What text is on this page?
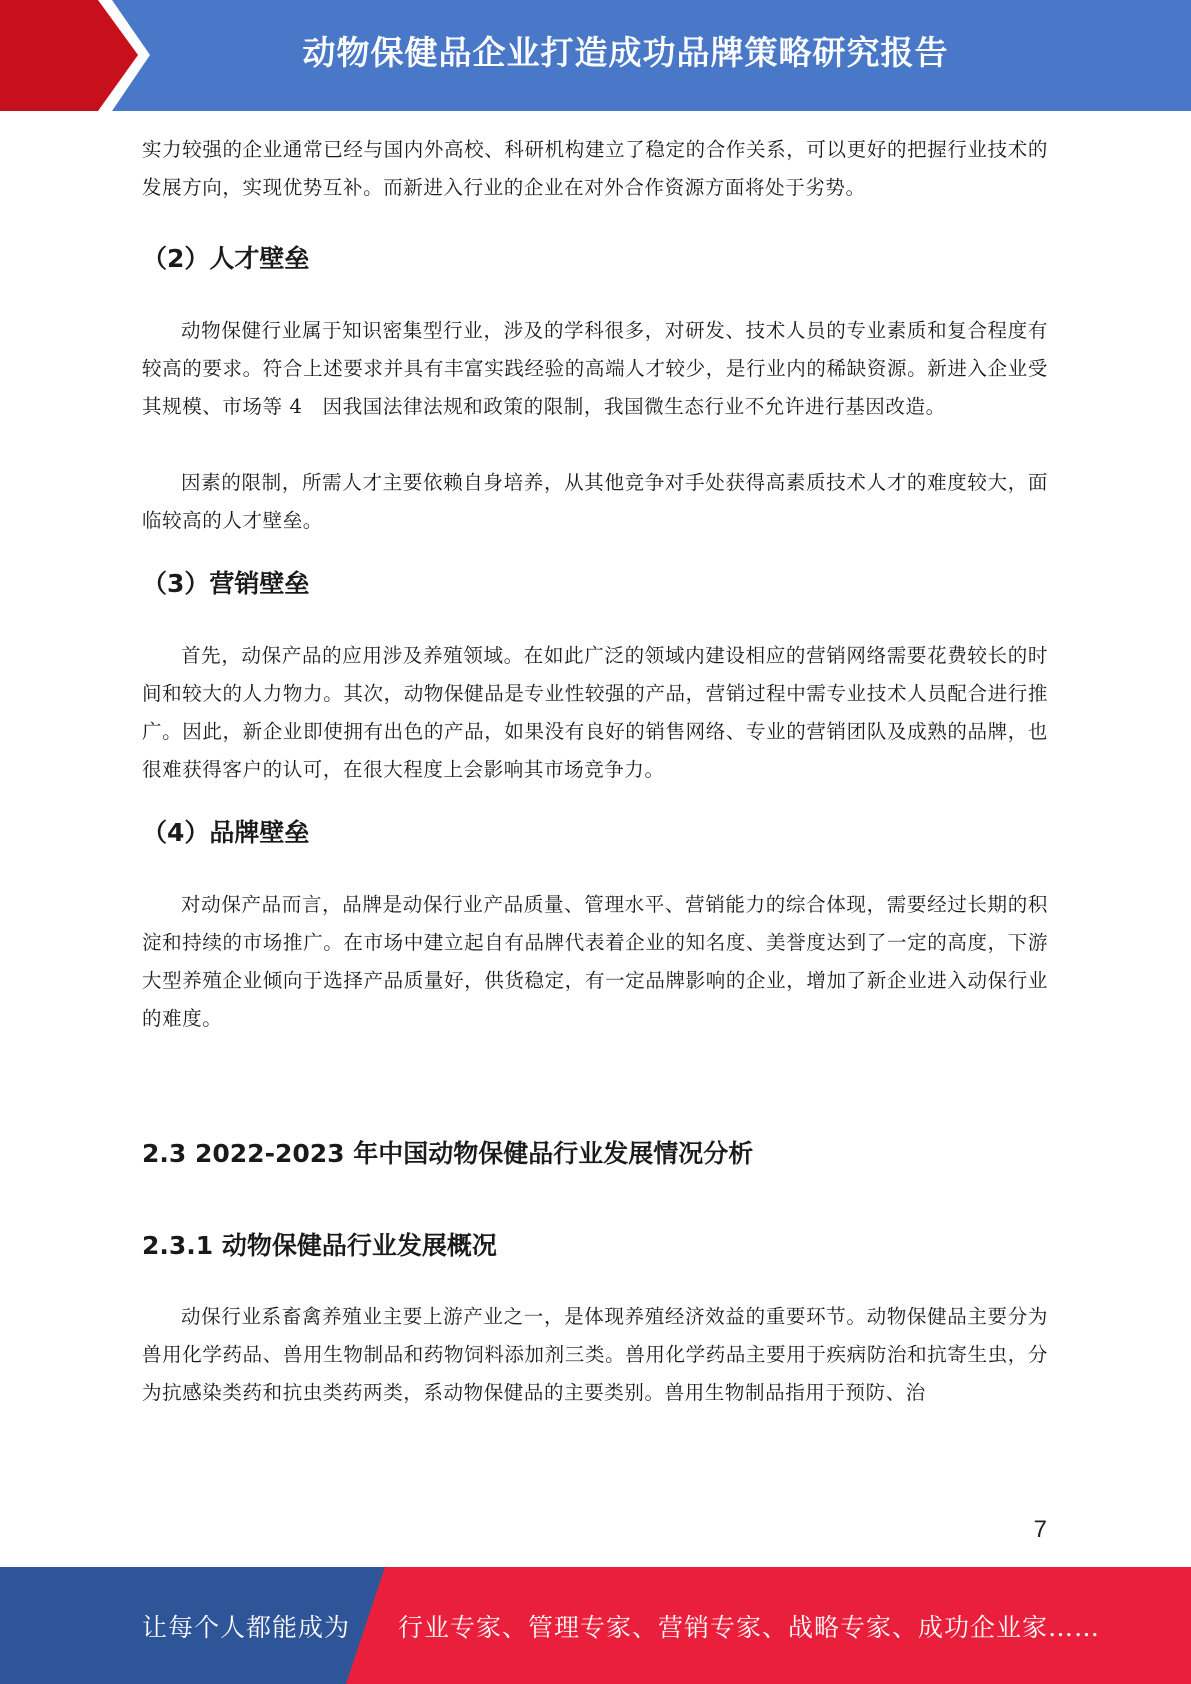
动物保健品企业打造成功品牌策略研究报告

实力较强的企业通常已经与国内外高校、科研机构建立了稳定的合作关系，可以更好的把握行业技术的发展方向，实现优势互补。而新进入行业的企业在对外合作资源方面将处于劣势。

（2）人才壁垒

动物保健行业属于知识密集型行业，涉及的学科很多，对研发、技术人员的专业素质和复合程度有较高的要求。符合上述要求并具有丰富实践经验的高端人才较少，是行业内的稀缺资源。新进入企业受其规模、市场等 4　因我国法律法规和政策的限制，我国微生态行业不允许进行基因改造。

因素的限制，所需人才主要依赖自身培养，从其他竞争对手处获得高素质技术人才的难度较大，面临较高的人才壁垒。

（3）营销壁垒

首先，动保产品的应用涉及养殖领域。在如此广泛的领域内建设相应的营销网络需要花费较长的时间和较大的人力物力。其次，动物保健品是专业性较强的产品，营销过程中需专业技术人员配合进行推广。因此，新企业即使拥有出色的产品，如果没有良好的销售网络、专业的营销团队及成熟的品牌，也很难获得客户的认可，在很大程度上会影响其市场竞争力。

（4）品牌壁垒

对动保产品而言，品牌是动保行业产品质量、管理水平、营销能力的综合体现，需要经过长期的积淀和持续的市场推广。在市场中建立起自有品牌代表着企业的知名度、美誉度达到了一定的高度，下游大型养殖企业倾向于选择产品质量好，供货稳定，有一定品牌影响的企业，增加了新企业进入动保行业的难度。

2.3 2022-2023 年中国动物保健品行业发展情况分析
2.3.1 动物保健品行业发展概况

动保行业系畜禽养殖业主要上游产业之一，是体现养殖经济效益的重要环节。动物保健品主要分为兽用化学药品、兽用生物制品和药物饲料添加剂三类。兽用化学药品主要用于疾病防治和抗寄生虫，分为抗感染类药和抗虫类药两类，系动物保健品的主要类别。兽用生物制品指用于预防、治

7
让每个人都能成为 行业专家、管理专家、营销专家、战略专家、成功企业家……
